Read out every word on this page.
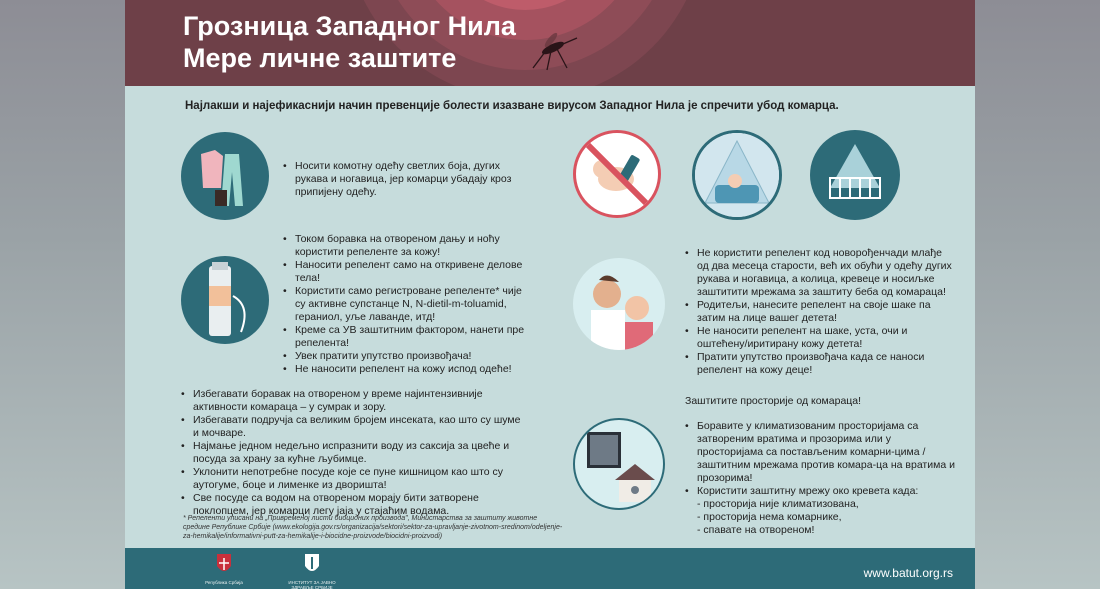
Грозница Западног Нила
Мере личне заштите
Најлакши и најефикаснији начин превенције болести изазване вирусом Западног Нила је спречити убод комарца.
• Носити комотну одећу светлих боја, дугих рукава и ногавица, јер комарци убадају кроз припијену одећу.
• Током боравка на отвореном дању и ноћу користити репеленте за кожу!
• Наносити репелент само на откривене делове тела!
• Користити само регистроване репеленте* чије су активне супстанце N, N-dietil-m-toluamid, гераниол, уље лаванде, итд!
• Креме са УВ заштитним фактором, нанети пре репелента!
• Увек пратити упутство произвођача!
• Не наносити репелент на кожу испод одеће!
• Избегавати боравак на отвореном у време најинтензивније активности комараца – у сумрак и зору.
• Избегавати подручја са великим бројем инсеката, као што су шуме и мочваре.
• Најмање једном недељно испразнити воду из саксија за цвеће и посуда за храну за кућне љубимце.
• Уклонити непотребне посуде које се пуне кишницом као што су аутогуме, боце и лименке из дворишта!
• Све посуде са водом на отвореном морају бити затворене поклопцем, јер комарци легу јаја у стајаћим водама.
* Репеленти уписани на „Привременој листи биоцидних производа", Министарства за заштиту животне средине Републике Србије (www.ekologija.gov.rs/organizacija/sektori/sektor-za-upravljanje-zivotnom-sredinom/odeljenje-za-hemikalije/informativni-putt-za-hemikalije-i-biocidne-proizvode/biocidni-proizvodi)
• Не користити репелент код новорођенчади млађе од два месеца старости, већ их обући у одећу дугих рукава и ногавица, а колица, кревеце и носиљке заштитити мрежама за заштиту беба од комараца!
• Родитељи, нанесите репелент на своје шаке па затим на лице вашег детета!
• Не наносити репелент на шаке, уста, очи и оштећену/иритирану кожу детета!
• Пратити упутство произвођача када се наноси репелент на кожу деце!
Заштитите просторије од комараца!
• Боравите у климатизованим просторијама са затвореним вратима и прозорима или у просторијама са постављеним комарни-цима /заштитним мрежама против комара-ца на вратима и прозорима!
• Користити заштитну мрежу око кревета када:
- просторија није климатизована,
- просторија нема комарнике,
- спавате на отвореном!
Република Србија	ИНСТИТУТ ЗА ЈАВНО ЗДРАВЉЕ СРБИЈЕ
www.batut.org.rs
